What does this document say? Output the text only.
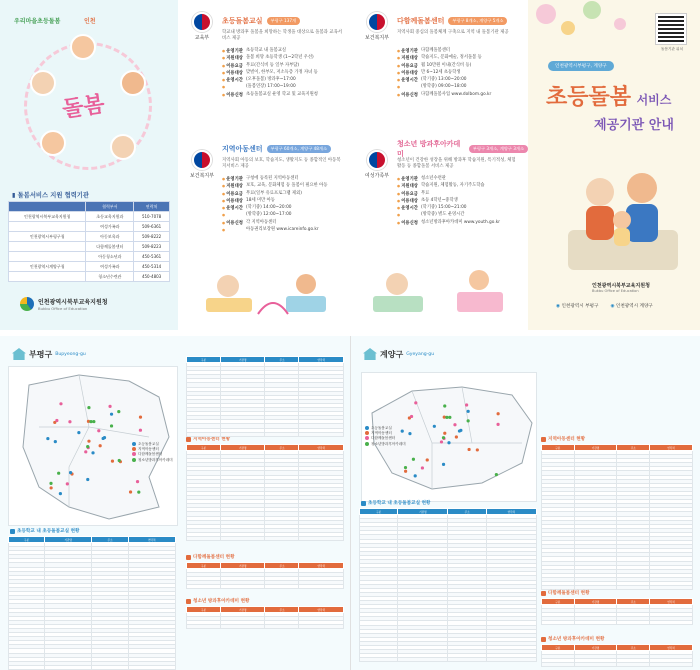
우리마을초등돌봄	인천
돌봄
▮ 돌봄서비스 지원 협력기관
	협력부서	연락처
인천광역시북부교육지원청	초등교육지원과	510-7078
	여성가족과	509-6361
인천광역시부평구청	아동보육과	509-8222
	다함께돌봄센터	509-8223
	아동청소년과	450-5361
인천광역시계양구청	여성가족과	450-5314
	청소년수련관	450-4803
인천광역시북부교육지원청
Bukbu Office of Education
교육부
초등돌봄교실	부평구 137개
학교내 방과후 돌봄을 희망하는 학생을 대상으로 돌봄과 교육서비스 제공
● 운영기관 초등학교 내 돌봄교실
● 지원대상 돌봄 희망 초등학생 (1~2학년 우선)
● 이용요금 무료(간식비 등 일부 자부담)
● 이용대상 맞벌이, 한부모, 저소득층 가정 자녀 등
● 운영시간 (오후돌봄) 방과후~17:00
●
(돌봄연장) 17:00~19:00
● 이용신청 초등돌봄교실 운영 학교 및 교육지원청
보건복지부
지역아동센터	부평구 60개소, 계양구 48개소
지역사회 아동의 보호, 학습지도, 생활지도 등 종합적인 아동복지서비스 제공
● 운영기관 구청에 등록된 지역아동센터
● 지원대상 보호, 교육, 문화체험 등 돌봄이 필요한 아동
● 이용요금 무료(일부 유료프로그램 제외)
● 이용대상 18세 미만 아동
● 운영시간 (학기중) 14:00~20:00
●
(방학중) 12:00~17:00
● 이용신청 각 지역아동센터
●
아동권리보장원 www.icareinfo.go.kr
보건복지부
다함께돌봄센터	부평구 8개소, 계양구 5개소
지역사회 중심의 돌봄체계 구축으로 지역 내 돌봄기관 제공
● 운영기관 다함께돌봄센터
● 지원대상 학습지도, 문화예술, 정서돌봄 등
● 이용요금 월 10만원 이내(간식비 등)
● 이용대상 만 6~12세 초등학생
● 운영시간 (학기중) 13:00~20:00
●
(방학중) 09:00~18:00
● 이용신청 다함께돌봄사업 www.dolbom.go.kr
여성가족부
청소년 방과후아카데미
부평구 3개소, 계양구 3개소
청소년이 건강한 성장을 위해 방과후 학습지원, 특기적성, 체험활동 등 종합돌봄 서비스 제공
● 운영기관 청소년수련관
● 지원대상 학습지원, 체험활동, 자기주도학습
● 이용요금 무료
● 이용대상 초등 4학년~중학생
● 운영시간 (학기중) 15:00~21:00
●
(방학중) 별도 운영시간
● 이용신청 청소년방과후아카데미 www.youth.go.kr
돌봄기관 위치
인천광역시부평구, 계양구
초등돌봄 서비스
제공기관 안내
인천광역시북부교육지원청
Bukbu Office of Education
◉ 인천광역시 부평구	◉ 인천광역시 계양구
부평구 Bupyeong-gu
초등돌봄교실
지역아동센터
다함께돌봄센터
청소년방과후아카데미
초등학교 내 초등돌봄교실 현황
구분	기관명	주소	연락처

지역아동센터 현황
구분	기관명	주소	연락처

구분	기관명	주소	연락처

다함께돌봄센터 현황
구분	기관명	주소	연락처

청소년 방과후아카데미 현황
구분	기관명	주소	연락처

계양구 Gyeyang-gu
초등돌봄교실
지역아동센터
다함께돌봄센터
청소년방과후아카데미
초등학교 내 초등돌봄교실 현황
구분	기관명	주소	연락처

지역아동센터 현황
구분	기관명	주소	연락처

다함께돌봄센터 현황
구분	기관명	주소	연락처

청소년 방과후아카데미 현황
구분	기관명	주소	연락처
